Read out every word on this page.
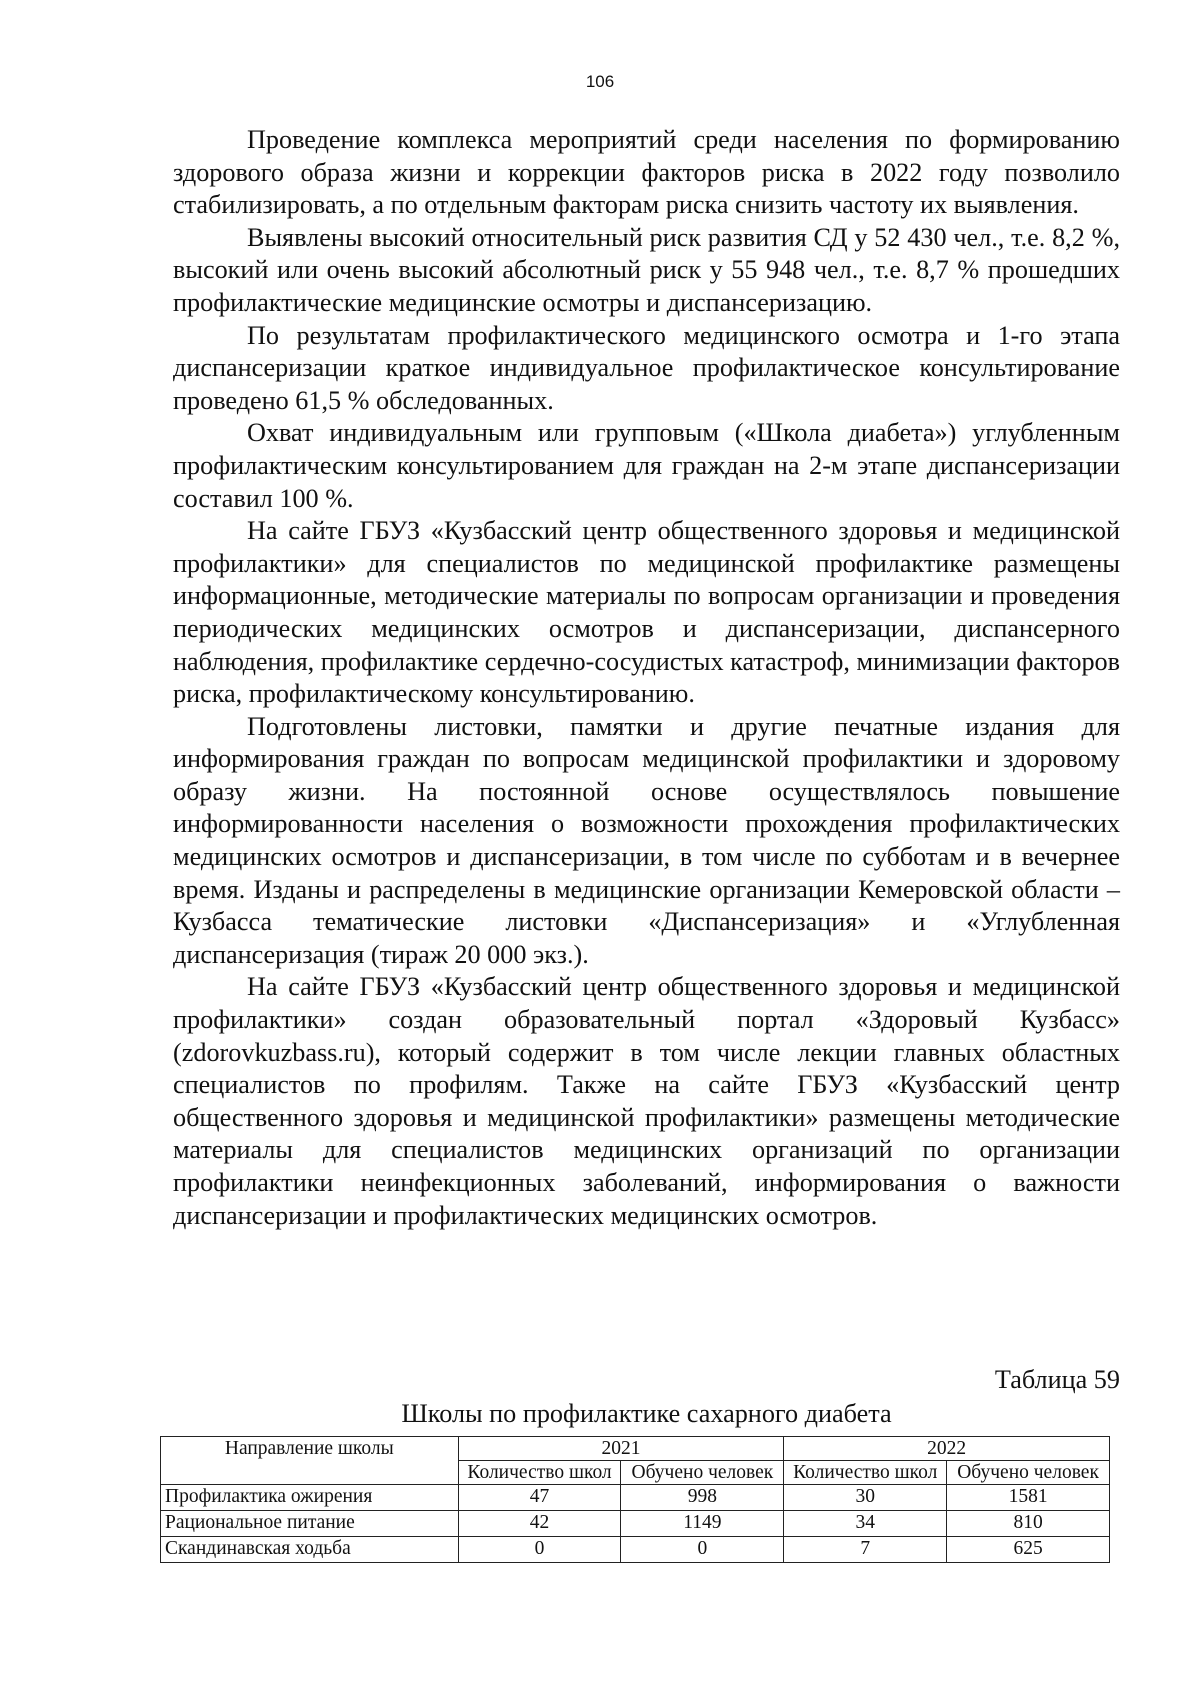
106

Проведение комплекса мероприятий среди населения по формированию здорового образа жизни и коррекции факторов риска в 2022 году позволило стабилизировать, а по отдельным факторам риска снизить частоту их выявления.

Выявлены высокий относительный риск развития СД у 52 430 чел., т.е. 8,2 %, высокий или очень высокий абсолютный риск у 55 948 чел., т.е. 8,7 % прошедших профилактические медицинские осмотры и диспансеризацию.

По результатам профилактического медицинского осмотра и 1-го этапа диспансеризации краткое индивидуальное профилактическое консультирование проведено 61,5 % обследованных.

Охват индивидуальным или групповым («Школа диабета») углубленным профилактическим консультированием для граждан на 2-м этапе диспансеризации составил 100 %.

На сайте ГБУЗ «Кузбасский центр общественного здоровья и медицинской профилактики» для специалистов по медицинской профилактике размещены информационные, методические материалы по вопросам организации и проведения периодических медицинских осмотров и диспансеризации, диспансерного наблюдения, профилактике сердечно-сосудистых катастроф, минимизации факторов риска, профилактическому консультированию.

Подготовлены листовки, памятки и другие печатные издания для информирования граждан по вопросам медицинской профилактики и здоровому образу жизни. На постоянной основе осуществлялось повышение информированности населения о возможности прохождения профилактических медицинских осмотров и диспансеризации, в том числе по субботам и в вечернее время. Изданы и распределены в медицинские организации Кемеровской области – Кузбасса тематические листовки «Диспансеризация» и «Углубленная диспансеризация (тираж 20 000 экз.).

На сайте ГБУЗ «Кузбасский центр общественного здоровья и медицинской профилактики» создан образовательный портал «Здоровый Кузбасс» (zdorovkuzbass.ru), который содержит в том числе лекции главных областных специалистов по профилям. Также на сайте ГБУЗ «Кузбасский центр общественного здоровья и медицинской профилактики» размещены методические материалы для специалистов медицинских организаций по организации профилактики неинфекционных заболеваний, информирования о важности диспансеризации и профилактических медицинских осмотров.

Таблица 59
Школы по профилактике сахарного диабета
Направление школы	2021		2022	
	Количество школ	Обучено человек	Количество школ	Обучено человек
Профилактика ожирения	47	998	30	1581
Рациональное питание	42	1149	34	810
Скандинавская ходьба	0	0	7	625
